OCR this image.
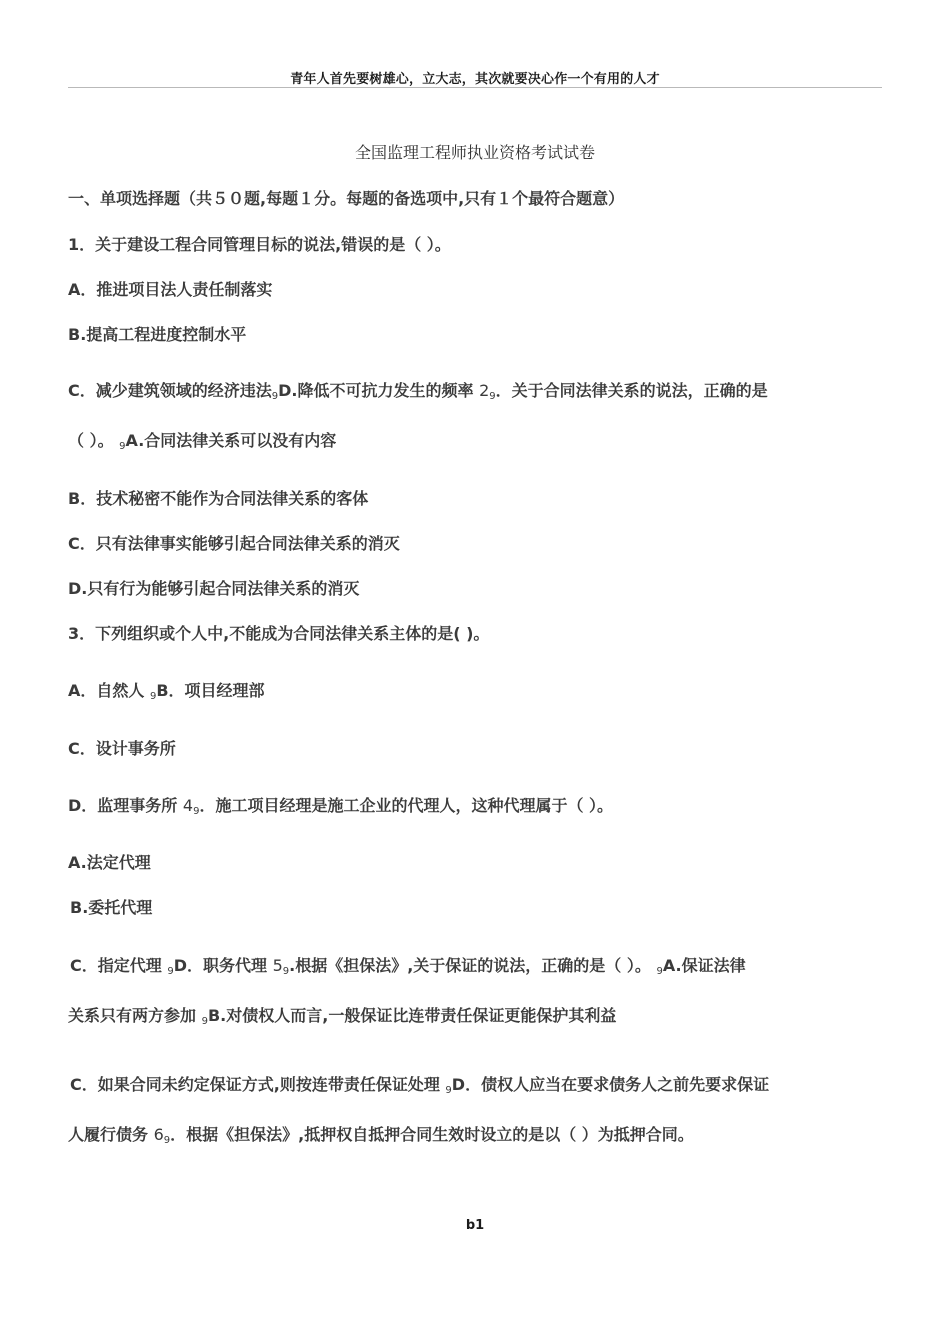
青年人首先要树雄心，立大志，其次就要决心作一个有用的人才
全国监理工程师执业资格考试试卷
一、单项选择题（共５０题,每题１分。每题的备选项中,只有１个最符合题意）
1．关于建设工程合同管理目标的说法,错误的是（ ）。
A．推进项目法人责任制落实
B.提高工程进度控制水平
C．减少建筑领域的经济违法$_9$D.降低不可抗力发生的频率 $2_9$．关于合同法律关系的说法，正确的是
（ ）。 $_9$A.合同法律关系可以没有内容
B．技术秘密不能作为合同法律关系的客体
C．只有法律事实能够引起合同法律关系的消灭
D.只有行为能够引起合同法律关系的消灭
3．下列组织或个人中,不能成为合同法律关系主体的是( )。
A．自然人 $_9$B．项目经理部
C．设计事务所
D．监理事务所 $4_9$．施工项目经理是施工企业的代理人，这种代理属于（ ）。
A.法定代理
B.委托代理
C．指定代理 $_9$D．职务代理 $5_9$.根据《担保法》,关于保证的说法，正确的是（ ）。 $_9$A.保证法律
关系只有两方参加 $_9$B.对债权人而言,一般保证比连带责任保证更能保护其利益
C．如果合同未约定保证方式,则按连带责任保证处理 $_9$D．债权人应当在要求债务人之前先要求保证
人履行债务 $6_9$．根据《担保法》,抵押权自抵押合同生效时设立的是以（ ）为抵押合同。
b1
